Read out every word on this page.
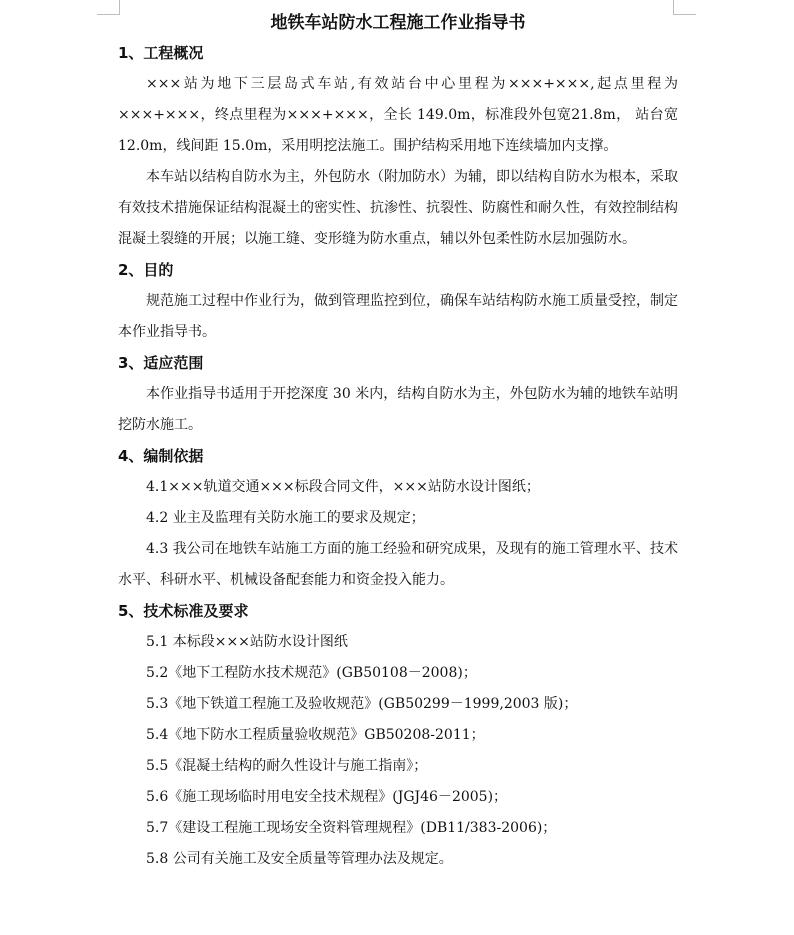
地铁车站防水工程施工作业指导书
1、工程概况

×××站为地下三层岛式车站,有效站台中心里程为×××+×××,起点里程为×××+×××，终点里程为×××+×××，全长 149.0m，标准段外包宽21.8m， 站台宽 12.0m，线间距 15.0m，采用明挖法施工。围护结构采用地下连续墙加内支撑。

本车站以结构自防水为主，外包防水（附加防水）为辅，即以结构自防水为根本，采取有效技术措施保证结构混凝土的密实性、抗渗性、抗裂性、防腐性和耐久性，有效控制结构混凝土裂缝的开展；以施工缝、变形缝为防水重点，辅以外包柔性防水层加强防水。

2、目的

规范施工过程中作业行为，做到管理监控到位，确保车站结构防水施工质量受控，制定本作业指导书。

3、适应范围

本作业指导书适用于开挖深度 30 米内，结构自防水为主，外包防水为辅的地铁车站明挖防水施工。

4、编制依据

4.1×××轨道交通×××标段合同文件，×××站防水设计图纸；

4.2 业主及监理有关防水施工的要求及规定；

4.3 我公司在地铁车站施工方面的施工经验和研究成果，及现有的施工管理水平、技术水平、科研水平、机械设备配套能力和资金投入能力。

5、技术标准及要求

5.1 本标段×××站防水设计图纸

5.2《地下工程防水技术规范》(GB50108－2008)；

5.3《地下铁道工程施工及验收规范》(GB50299－1999,2003 版)；

5.4《地下防水工程质量验收规范》GB50208-2011；

5.5《混凝土结构的耐久性设计与施工指南》；

5.6《施工现场临时用电安全技术规程》(JGJ46－2005)；

5.7《建设工程施工现场安全资料管理规程》(DB11/383-2006)；

5.8 公司有关施工及安全质量等管理办法及规定。
